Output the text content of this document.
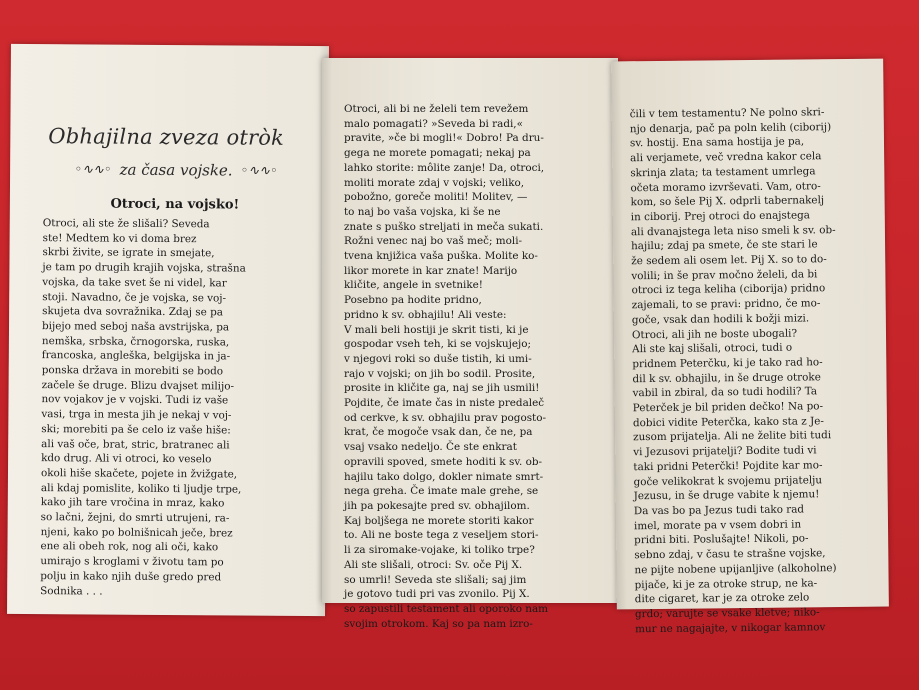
Obhajilna zveza otròk
◦∿∿◦ za časa vojske. ◦∿∿◦
Otroci, na vojsko!
Otroci, ali ste že slišali? Seveda
ste! Medtem ko vi doma brez
skrbi živite, se igrate in smejate,
je tam po drugih krajih vojska, strašna
vojska, da take svet še ni videl, kar
stoji. Navadno, če je vojska, se voj-
skujeta dva sovražnika. Zdaj se pa
bijejo med seboj naša avstrijska, pa
nemška, srbska, črnogorska, ruska,
francoska, angleška, belgijska in ja-
ponska država in morebiti se bodo
začele še druge. Blizu dvajset milijo-
nov vojakov je v vojski. Tudi iz vaše
vasi, trga in mesta jih je nekaj v voj-
ski; morebiti pa še celo iz vaše hiše:
ali vaš oče, brat, stric, bratranec ali
kdo drug. Ali vi otroci, ko veselo
okoli hiše skačete, pojete in žvižgate,
ali kdaj pomislite, koliko ti ljudje trpe,
kako jih tare vročina in mraz, kako
so lačni, žejni, do smrti utrujeni, ra-
njeni, kako po bolnišnicah ječe, brez
ene ali obeh rok, nog ali oči, kako
umirajo s kroglami v životu tam po
polju in kako njih duše gredo pred
Sodnika . . .
Otroci, ali bi ne želeli tem revežem
malo pomagati? »Seveda bi radi,«
pravite, »če bi mogli!« Dobro! Pa dru-
gega ne morete pomagati; nekaj pa
lahko storite: môlite zanje! Da, otroci,
moliti morate zdaj v vojski; veliko,
pobožno, goreče moliti! Molitev, —
to naj bo vaša vojska, ki še ne
znate s puško streljati in meča sukati.
Rožni venec naj bo vaš meč; moli-
tvena knjižica vaša puška. Molite ko-
likor morete in kar znate! Marijo
kličite, angele in svetnike!
Posebno pa hodite pridno,
pridno k sv. obhajilu! Ali veste:
V mali beli hostiji je skrit tisti, ki je
gospodar vseh teh, ki se vojskujejo;
v njegovi roki so duše tistih, ki umi-
rajo v vojski; on jih bo sodil. Prosite,
prosite in kličite ga, naj se jih usmili!
Pojdite, če imate čas in niste predaleč
od cerkve, k sv. obhajilu prav pogosto-
krat, če mogoče vsak dan, če ne, pa
vsaj vsako nedeljo. Če ste enkrat
opravili spoved, smete hoditi k sv. ob-
hajilu tako dolgo, dokler nimate smrt-
nega greha. Če imate male grehe, se
jih pa pokesajte pred sv. obhajilom.
Kaj boljšega ne morete storiti kakor
to. Ali ne boste tega z veseljem stori-
li za siromake-vojake, ki toliko trpe?
Ali ste slišali, otroci: Sv. oče Pij X.
so umrli! Seveda ste slišali; saj jim
je gotovo tudi pri vas zvonilo. Pij X.
so zapustili testament ali oporoko nam
svojim otrokom. Kaj so pa nam izro-
čili v tem testamentu? Ne polno skri-
njo denarja, pač pa poln kelih (ciborij)
sv. hostij. Ena sama hostija je pa,
ali verjamete, več vredna kakor cela
skrinja zlata; ta testament umrlega
očeta moramo izvrševati. Vam, otro-
kom, so šele Pij X. odprli tabernakelj
in ciborij. Prej otroci do enajstega
ali dvanajstega leta niso smeli k sv. ob-
hajilu; zdaj pa smete, če ste stari le
že sedem ali osem let. Pij X. so to do-
volili; in še prav močno želeli, da bi
otroci iz tega keliha (ciborija) pridno
zajemali, to se pravi: pridno, če mo-
goče, vsak dan hodili k božji mizi.
Otroci, ali jih ne boste ubogali?
Ali ste kaj slišali, otroci, tudi o
pridnem Peterčku, ki je tako rad ho-
dil k sv. obhajilu, in še druge otroke
vabil in zbiral, da so tudi hodili? Ta
Peterček je bil priden dečko! Na po-
dobici vidite Peterčka, kako sta z Je-
zusom prijatelja. Ali ne želite biti tudi
vi Jezusovi prijatelji? Bodite tudi vi
taki pridni Peterčki! Pojdite kar mo-
goče velikokrat k svojemu prijatelju
Jezusu, in še druge vabite k njemu!
Da vas bo pa Jezus tudi tako rad
imel, morate pa v vsem dobri in
pridni biti. Poslušajte! Nikoli, po-
sebno zdaj, v času te strašne vojske,
ne pijte nobene upijanljive (alkoholne)
pijače, ki je za otroke strup, ne ka-
dite cigaret, kar je za otroke zelo
grdo; varujte se vsake kletve; niko-
mur ne nagajajte, v nikogar kamnov
